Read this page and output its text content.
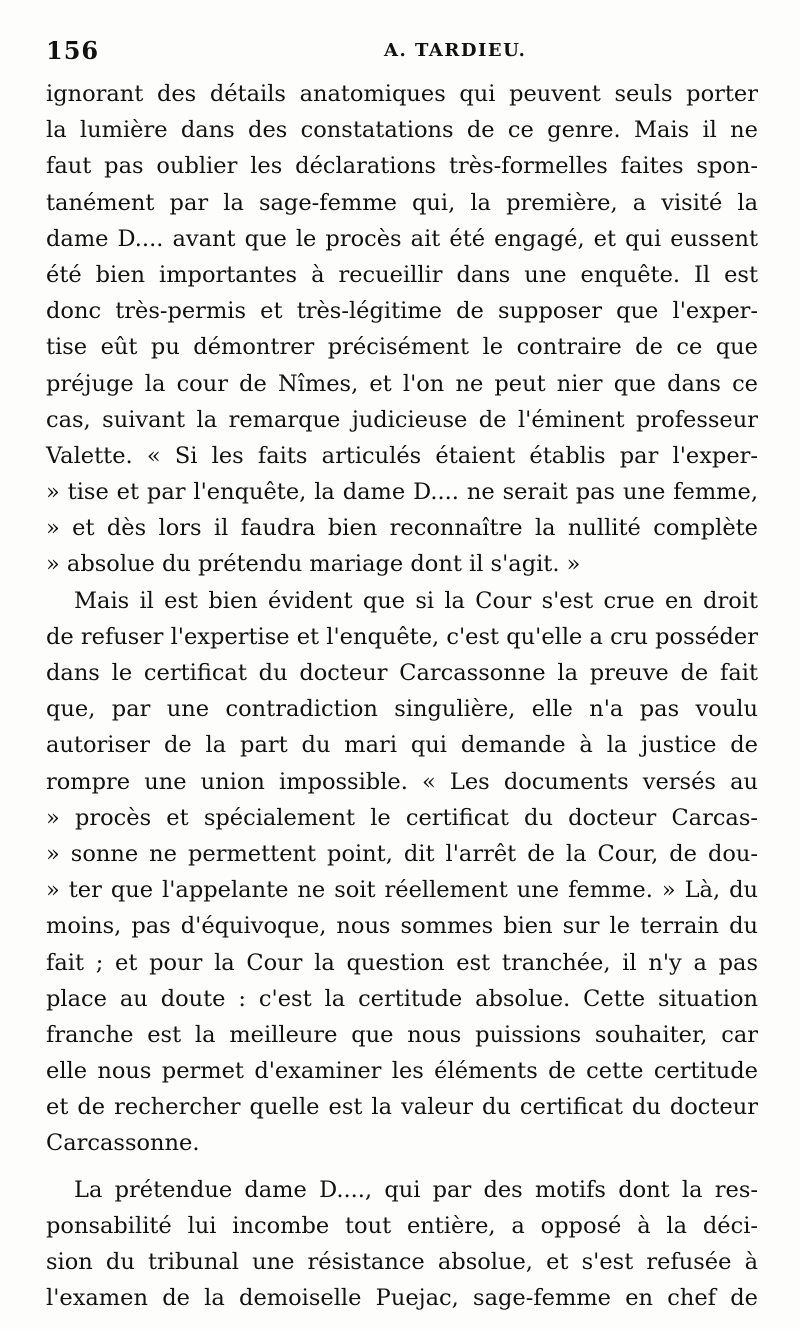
156	A. TARDIEU.
ignorant des détails anatomiques qui peuvent seuls porter
la lumière dans des constatations de ce genre. Mais il ne
faut pas oublier les déclarations très-formelles faites spon-
tanément par la sage-femme qui, la première, a visité la
dame D.... avant que le procès ait été engagé, et qui eussent
été bien importantes à recueillir dans une enquête. Il est
donc très-permis et très-légitime de supposer que l'exper-
tise eût pu démontrer précisément le contraire de ce que
préjuge la cour de Nîmes, et l'on ne peut nier que dans ce
cas, suivant la remarque judicieuse de l'éminent professeur
Valette. « Si les faits articulés étaient établis par l'exper-
» tise et par l'enquête, la dame D.... ne serait pas une femme,
» et dès lors il faudra bien reconnaître la nullité complète
» absolue du prétendu mariage dont il s'agit. »
Mais il est bien évident que si la Cour s'est crue en droit
de refuser l'expertise et l'enquête, c'est qu'elle a cru posséder
dans le certificat du docteur Carcassonne la preuve de fait
que, par une contradiction singulière, elle n'a pas voulu
autoriser de la part du mari qui demande à la justice de
rompre une union impossible. « Les documents versés au
» procès et spécialement le certificat du docteur Carcas-
» sonne ne permettent point, dit l'arrêt de la Cour, de dou-
» ter que l'appelante ne soit réellement une femme. » Là, du
moins, pas d'équivoque, nous sommes bien sur le terrain du
fait ; et pour la Cour la question est tranchée, il n'y a pas
place au doute : c'est la certitude absolue. Cette situation
franche est la meilleure que nous puissions souhaiter, car
elle nous permet d'examiner les éléments de cette certitude
et de rechercher quelle est la valeur du certificat du docteur
Carcassonne.
La prétendue dame D...., qui par des motifs dont la res-
ponsabilité lui incombe tout entière, a opposé à la déci-
sion du tribunal une résistance absolue, et s'est refusée à
l'examen de la demoiselle Puejac, sage-femme en chef de
